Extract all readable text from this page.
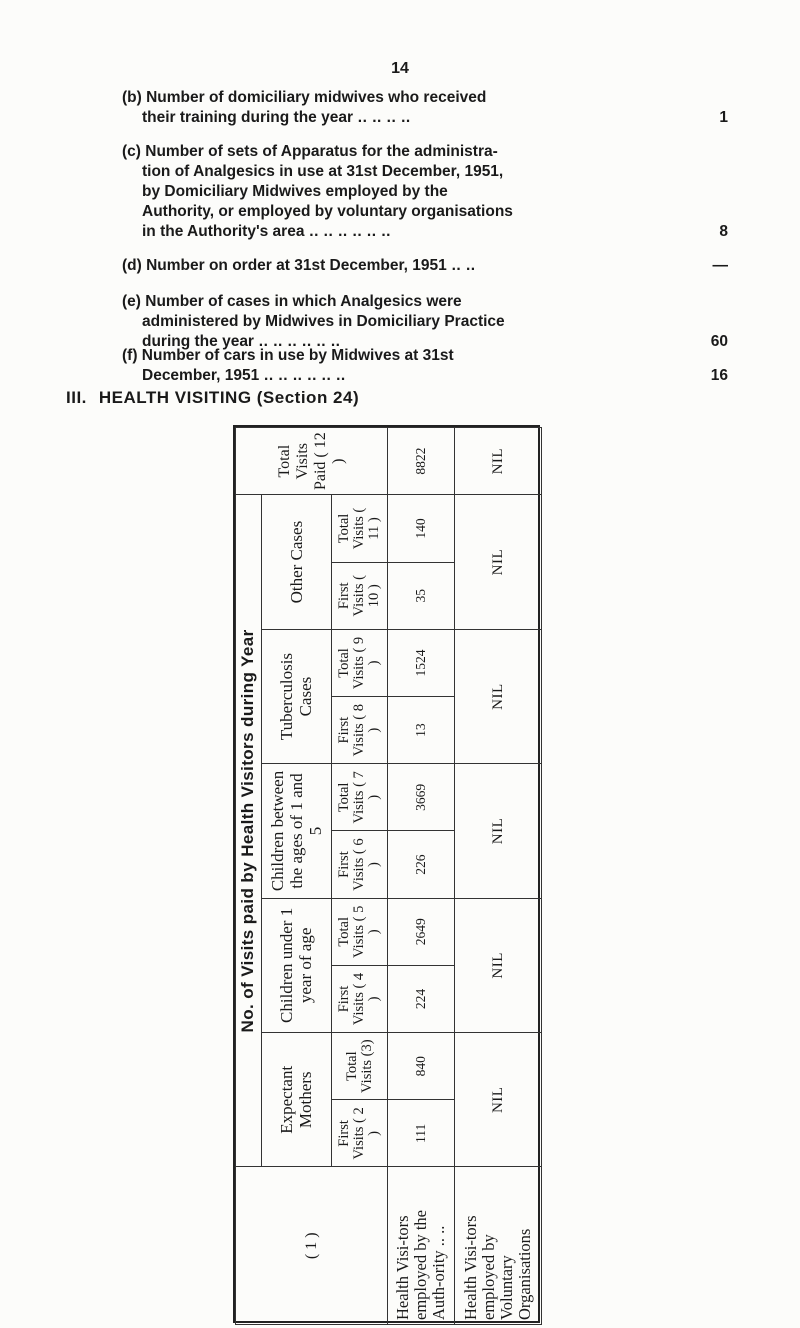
14

(b) Number of domiciliary midwives who received

their training during the year .. .. .. ..	1

(c) Number of sets of Apparatus for the administra-

tion of Analgesics in use at 31st December, 1951,

by Domiciliary Midwives employed by the

Authority, or employed by voluntary organisations

in the Authority's area .. .. .. .. .. ..	8

(d) Number on order at 31st December, 1951 .. ..	—

(e) Number of cases in which Analgesics were

administered by Midwives in Domiciliary Practice

during the year .. .. .. .. .. ..	60

(f) Number of cars in use by Midwives at 31st

December, 1951 .. .. .. .. .. ..	16
III. HEALTH VISITING (Section 24)
( 1 )	No. of Visits paid by Health Visitors during Year										Total Visits Paid ( 12 )
	Expectant Mothers		Children under 1 year of age		Children between the ages of 1 and 5		Tuberculosis Cases		Other Cases		
	First Visits ( 2 )	Total Visits (3)	First Visits ( 4 )	Total Visits ( 5 )	First Visits ( 6 )	Total Visits ( 7 )	First Visits ( 8 )	Total Visits ( 9 )	First Visits ( 10 )	Total Visits ( 11 )	
Health Visi-tors employed by the Auth-ority .. ..	111	840	224	2649	226	3669	13	1524	35	140	8822
Health Visi-tors employed by Voluntary Organisations	NIL		NIL		NIL		NIL		NIL		NIL
